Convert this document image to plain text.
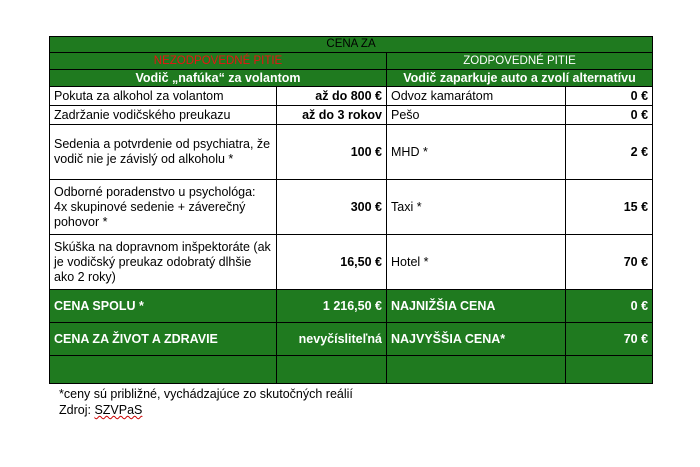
CENA ZA			
NEZODPOVEDNÉ PITIE		ZODPOVEDNÉ PITIE	
Vodič „nafúka“ za volantom		Vodič zaparkuje auto a zvolí alternatívu	
Pokuta za alkohol za volantom	až do 800 €	Odvoz kamarátom	0 €
Zadržanie vodičského preukazu	až do 3 rokov	Pešo	0 €
Sedenia a potvrdenie od psychiatra, že vodič nie je závislý od alkoholu *	100 €	MHD *	2 €
Odborné poradenstvo u psychológa: 4x skupinové sedenie + záverečný pohovor *	300 €	Taxi *	15 €
Skúška na dopravnom inšpektoráte (ak je vodičský preukaz odobratý dlhšie ako 2 roky)	16,50 €	Hotel *	70 €
CENA SPOLU *	1 216,50 €	NAJNIŽŠIA CENA	0 €
CENA ZA ŽIVOT A ZDRAVIE	nevyčísliteľná	NAJVYŠŠIA CENA*	70 €

*ceny sú približné, vychádzajúce zo skutočných reálií
Zdroj: SZVPaS
